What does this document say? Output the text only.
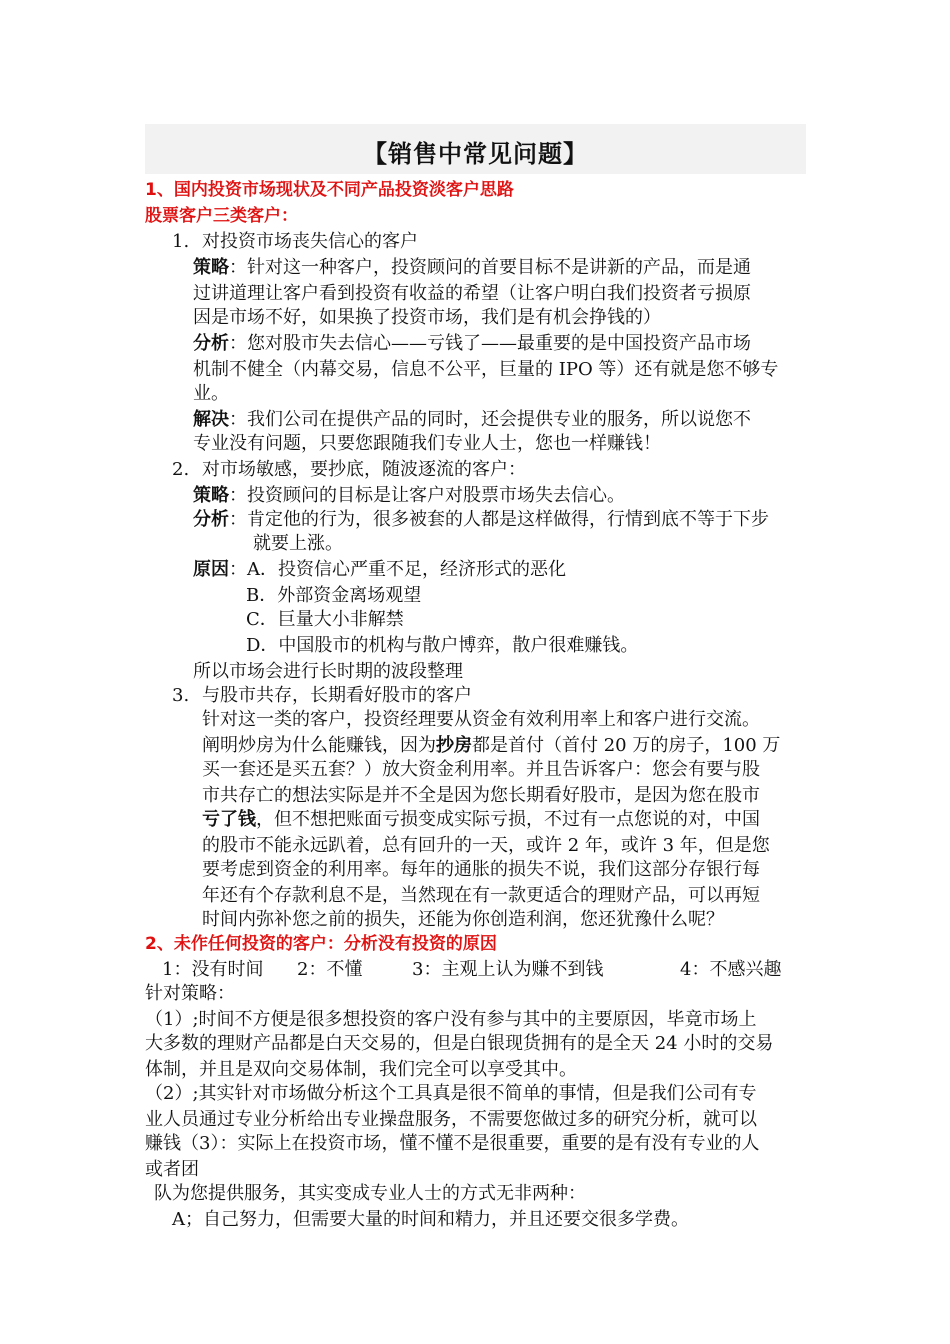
【销售中常见问题】
1、国内投资市场现状及不同产品投资淡客户思路
股票客户三类客户：
1. 对投资市场丧失信心的客户
策略：针对这一种客户，投资顾问的首要目标不是讲新的产品，而是通
过讲道理让客户看到投资有收益的希望（让客户明白我们投资者亏损原
因是市场不好，如果换了投资市场，我们是有机会挣钱的）
分析：您对股市失去信心——亏钱了——最重要的是中国投资产品市场
机制不健全（内幕交易，信息不公平，巨量的 IPO 等）还有就是您不够专
业。
解决：我们公司在提供产品的同时，还会提供专业的服务，所以说您不
专业没有问题，只要您跟随我们专业人士，您也一样赚钱！
2. 对市场敏感，要抄底，随波逐流的客户：
策略：投资顾问的目标是让客户对股票市场失去信心。
分析：肯定他的行为，很多被套的人都是这样做得，行情到底不等于下步
就要上涨。
原因：A．投资信心严重不足，经济形式的恶化
B．外部资金离场观望
C．巨量大小非解禁
D．中国股市的机构与散户博弈，散户很难赚钱。
所以市场会进行长时期的波段整理
3. 与股市共存，长期看好股市的客户
针对这一类的客户，投资经理要从资金有效利用率上和客户进行交流。
阐明炒房为什么能赚钱，因为抄房都是首付（首付 20 万的房子，100 万
买一套还是买五套？）放大资金利用率。并且告诉客户：您会有要与股
市共存亡的想法实际是并不全是因为您长期看好股市，是因为您在股市
亏了钱，但不想把账面亏损变成实际亏损，不过有一点您说的对，中国
的股市不能永远趴着，总有回升的一天，或许 2 年，或许 3 年，但是您
要考虑到资金的利用率。每年的通胀的损失不说，我们这部分存银行每
年还有个存款利息不是，当然现在有一款更适合的理财产品，可以再短
时间内弥补您之前的损失，还能为你创造利润，您还犹豫什么呢？
2、未作任何投资的客户：分析没有投资的原因
1：没有时间 2：不懂	3：主观上认为赚不到钱	4：不感兴趣
针对策略：
（1）;时间不方便是很多想投资的客户没有参与其中的主要原因，毕竟市场上
大多数的理财产品都是白天交易的，但是白银现货拥有的是全天 24 小时的交易
体制，并且是双向交易体制，我们完全可以享受其中。
（2）;其实针对市场做分析这个工具真是很不简单的事情，但是我们公司有专
业人员通过专业分析给出专业操盘服务，不需要您做过多的研究分析，就可以
赚钱（3）：实际上在投资市场，懂不懂不是很重要，重要的是有没有专业的人
或者团
队为您提供服务，其实变成专业人士的方式无非两种：
A；自己努力，但需要大量的时间和精力，并且还要交很多学费。
